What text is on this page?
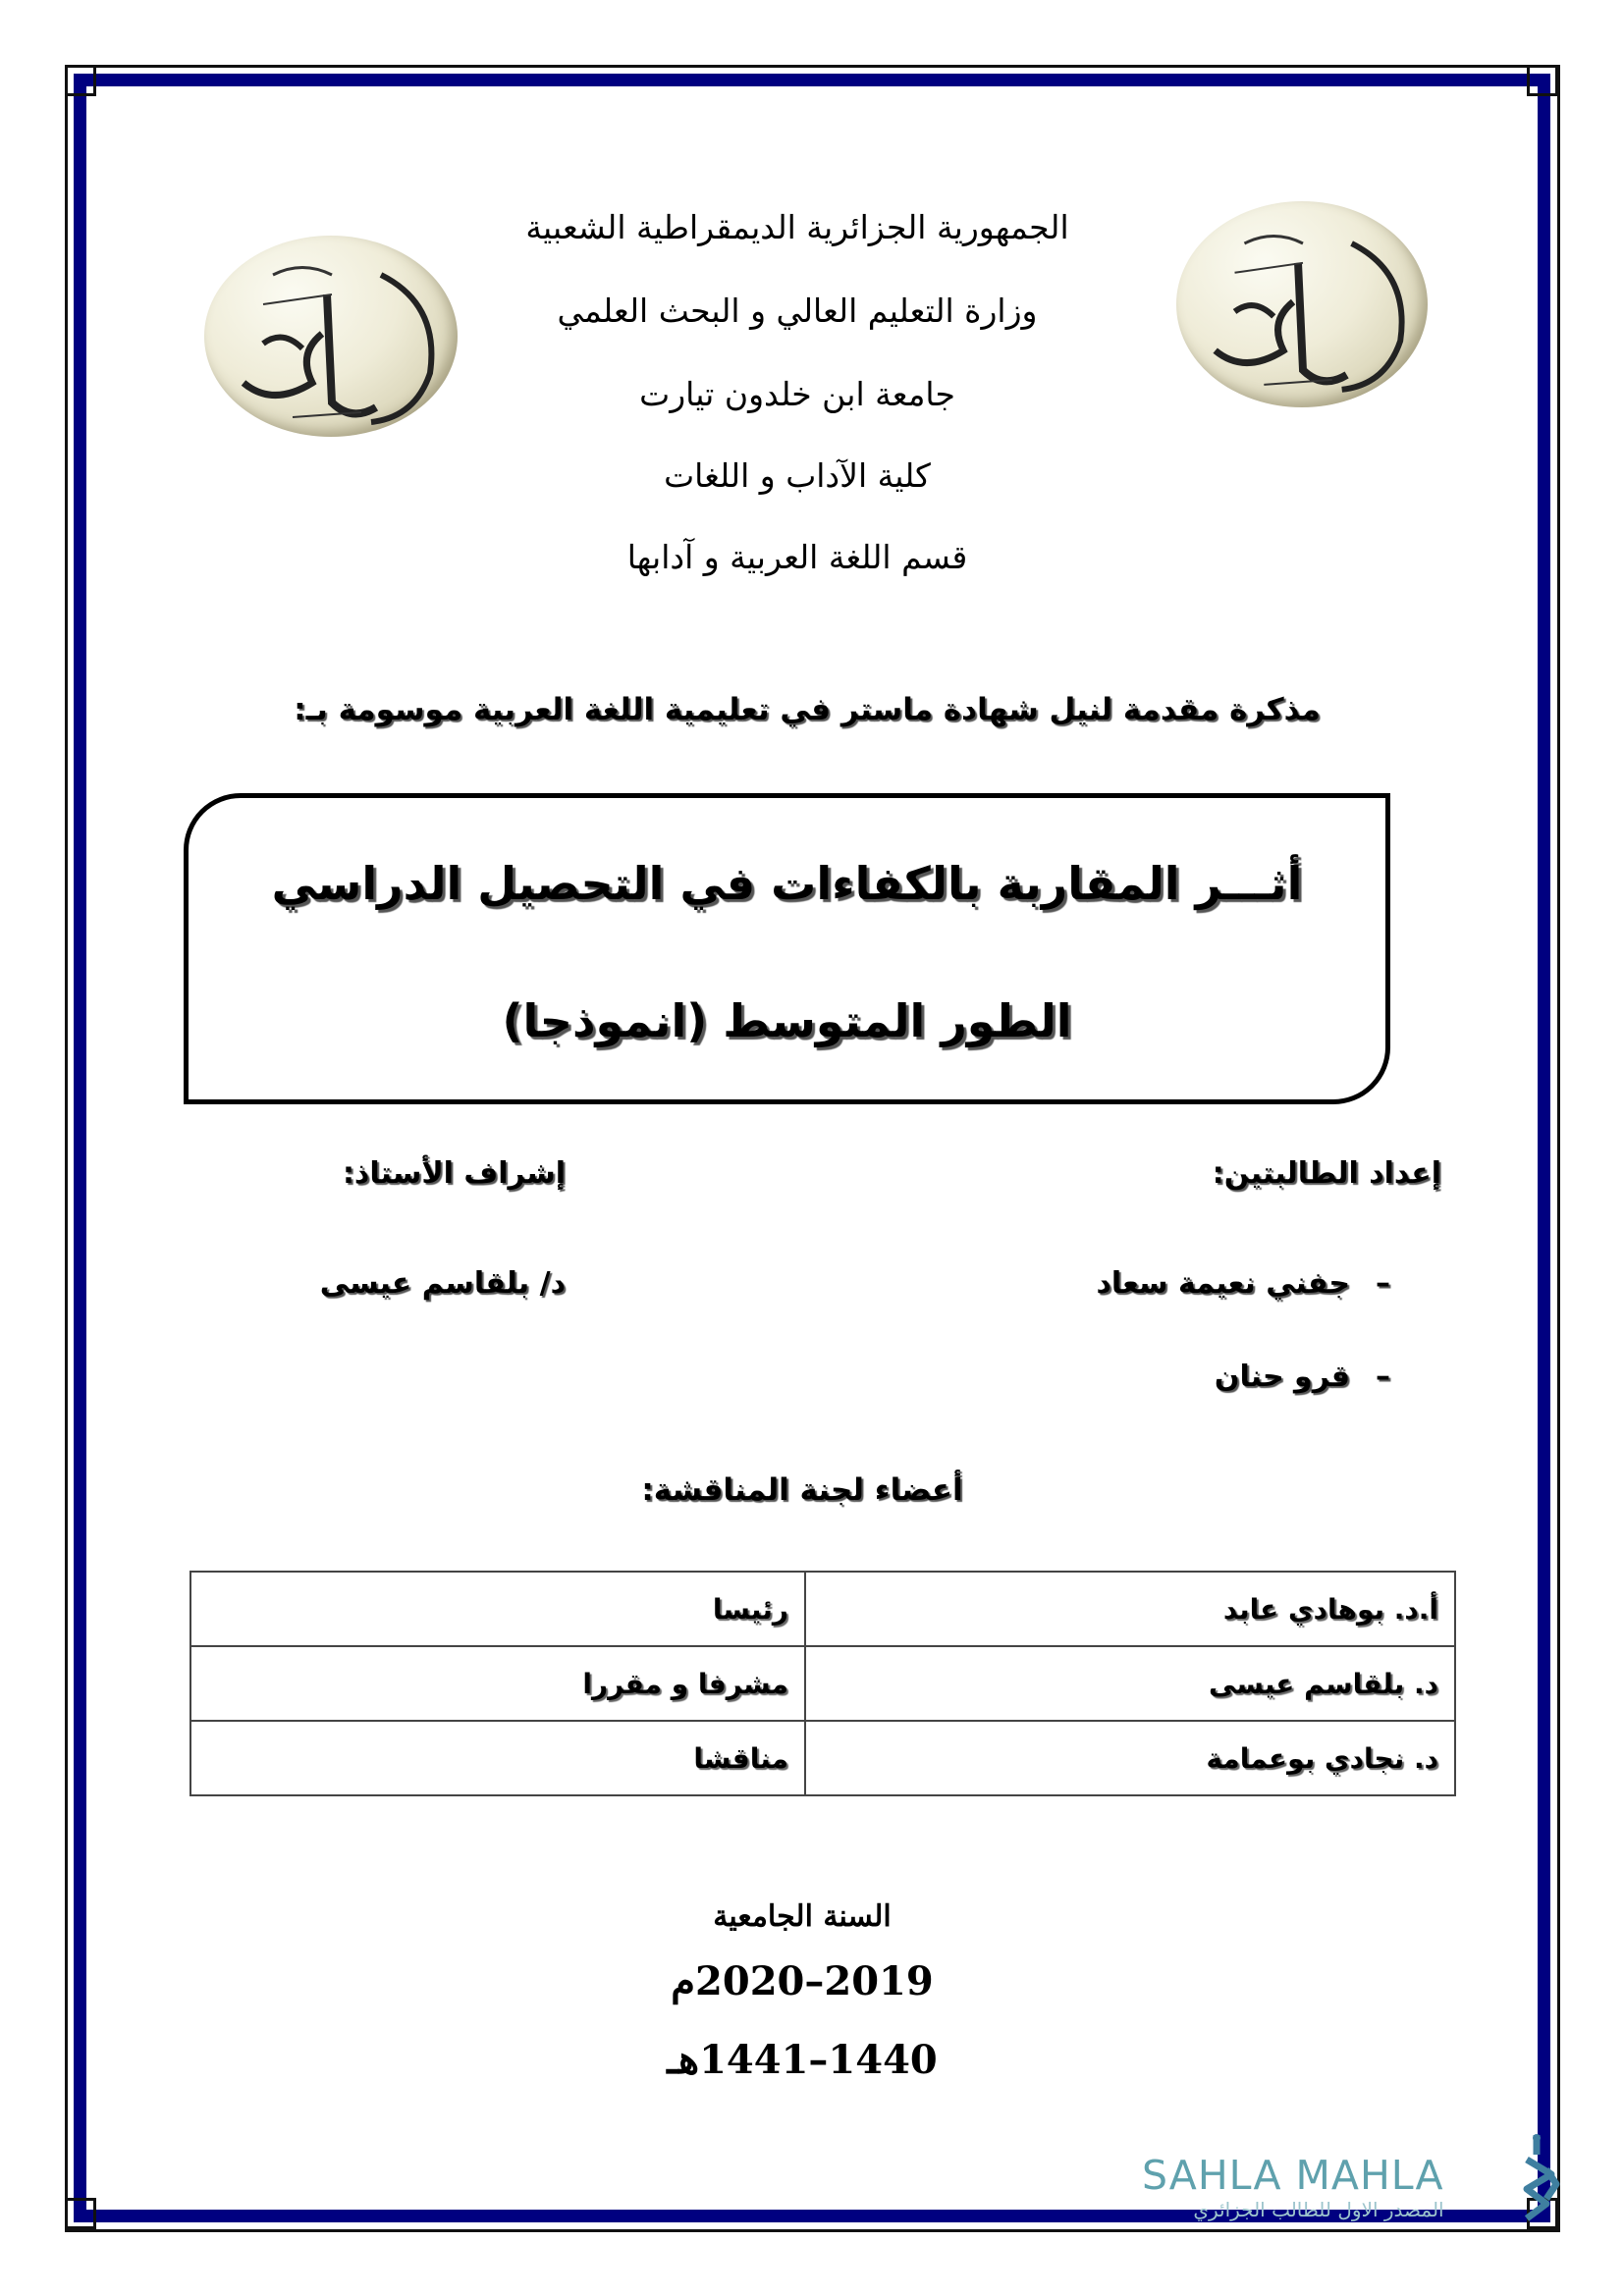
الجمهورية الجزائرية الديمقراطية الشعبية
وزارة التعليم العالي و البحث العلمي
جامعة ابن خلدون تيارت
كلية الآداب و اللغات
قسم اللغة العربية و آدابها
مذكرة مقدمة لنيل شهادة ماستر في تعليمية اللغة العربية موسومة بـ:
أثـــر المقاربة بالكفاءات في التحصيل الدراسي
الطور المتوسط (انموذجا)
إعداد الطالبتين:
إشراف الأستاذ:
–جفني نعيمة سعاد
–قرو حنان
د/ بلقاسم عيسى
أعضاء لجنة المناقشة:
أ.د. بوهادي عابد	رئيسا
د. بلقاسم عيسى	مشرفا و مقررا
د. نجادي بوعمامة	مناقشا
السنة الجامعية
2019–2020م
1440–1441هـ
SAHLA MAHLA
المصدر الاول للطالب الجزائري
